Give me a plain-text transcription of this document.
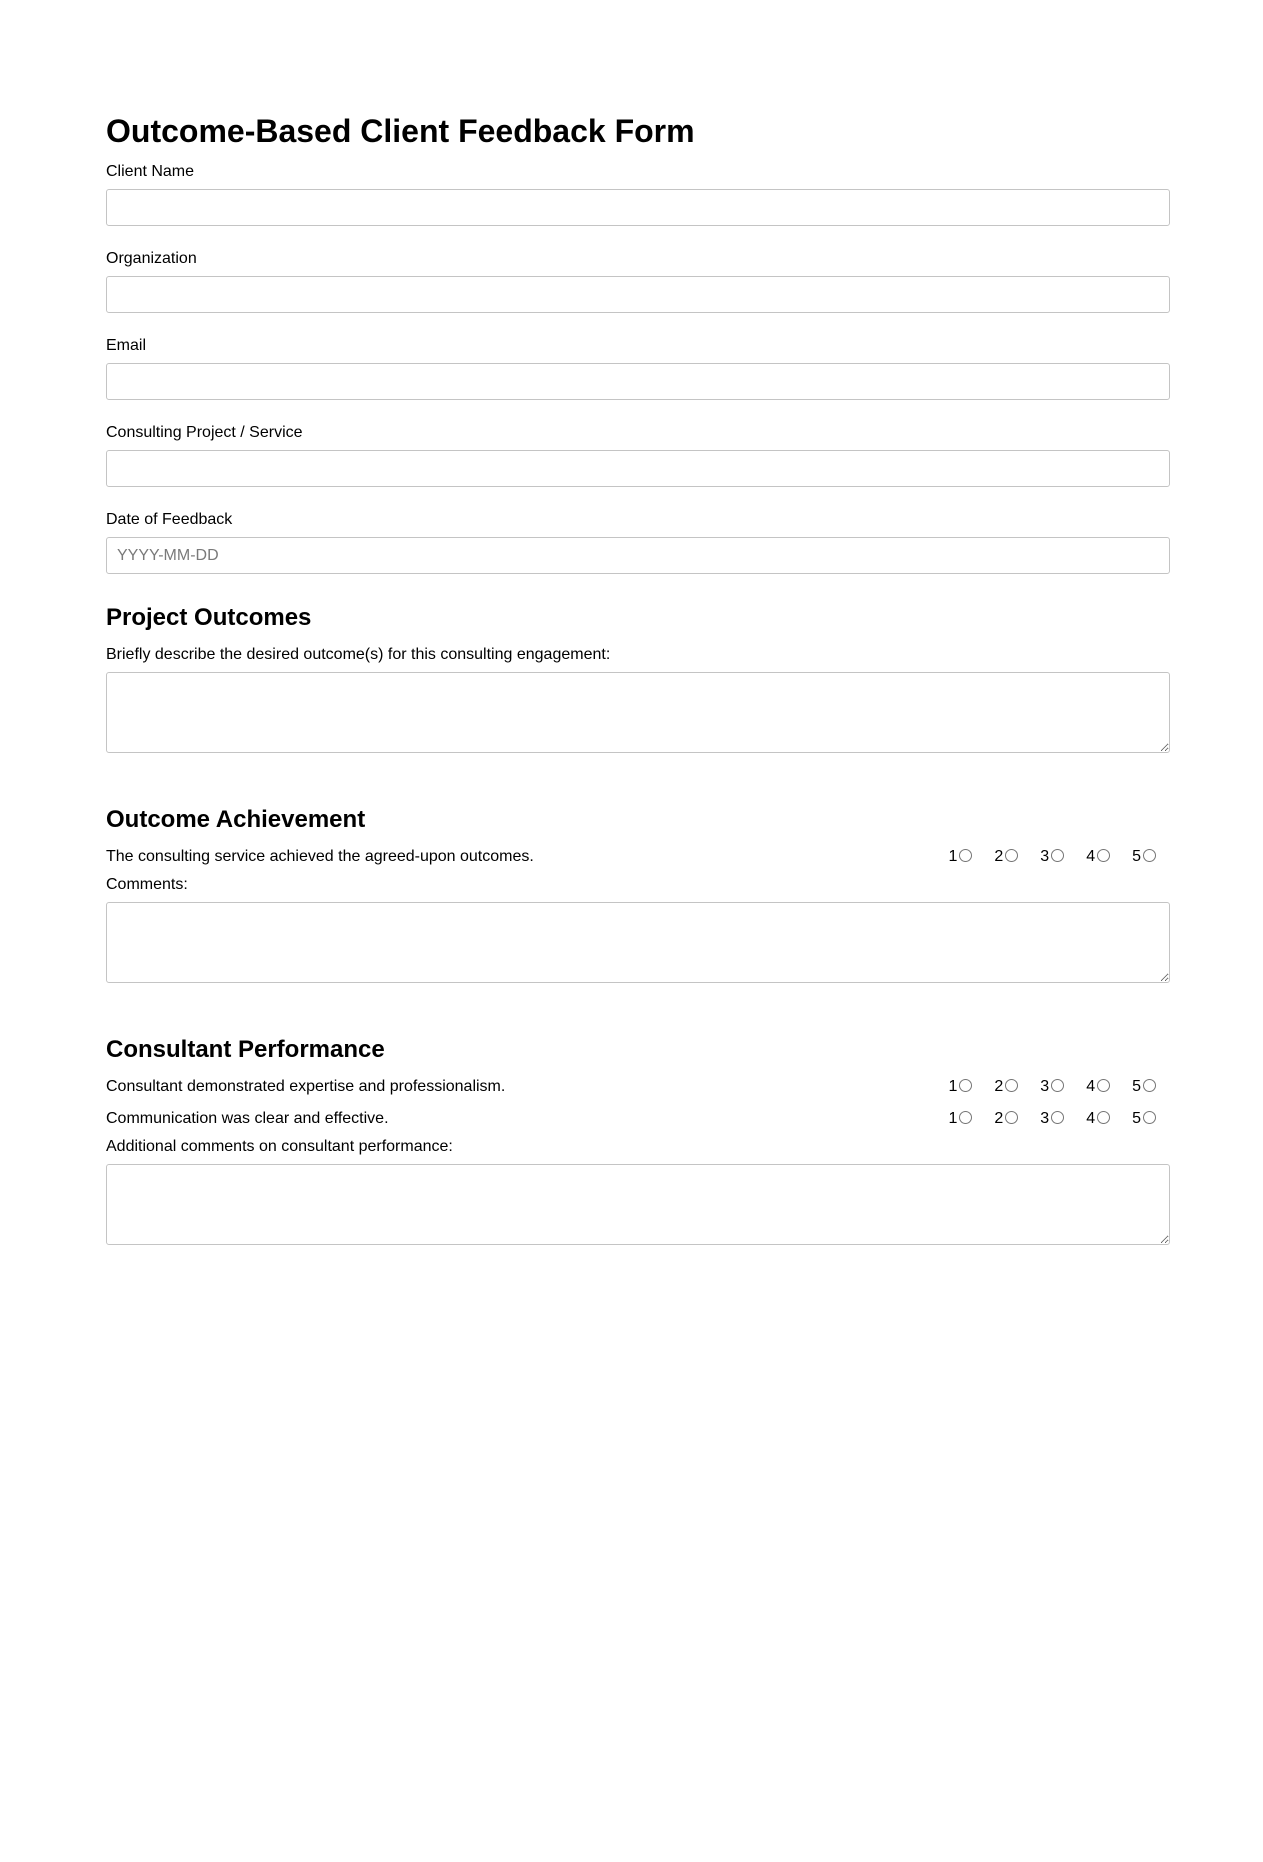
Outcome-Based Client Feedback Form
Client Name
Organization
Email
Consulting Project / Service
Date of Feedback
YYYY-MM-DD
Project Outcomes
Briefly describe the desired outcome(s) for this consulting engagement:
Outcome Achievement
The consulting service achieved the agreed-upon outcomes.	1 2 3 4 5
Comments:
Consultant Performance
Consultant demonstrated expertise and professionalism.	1 2 3 4 5
Communication was clear and effective.	1 2 3 4 5
Additional comments on consultant performance:
